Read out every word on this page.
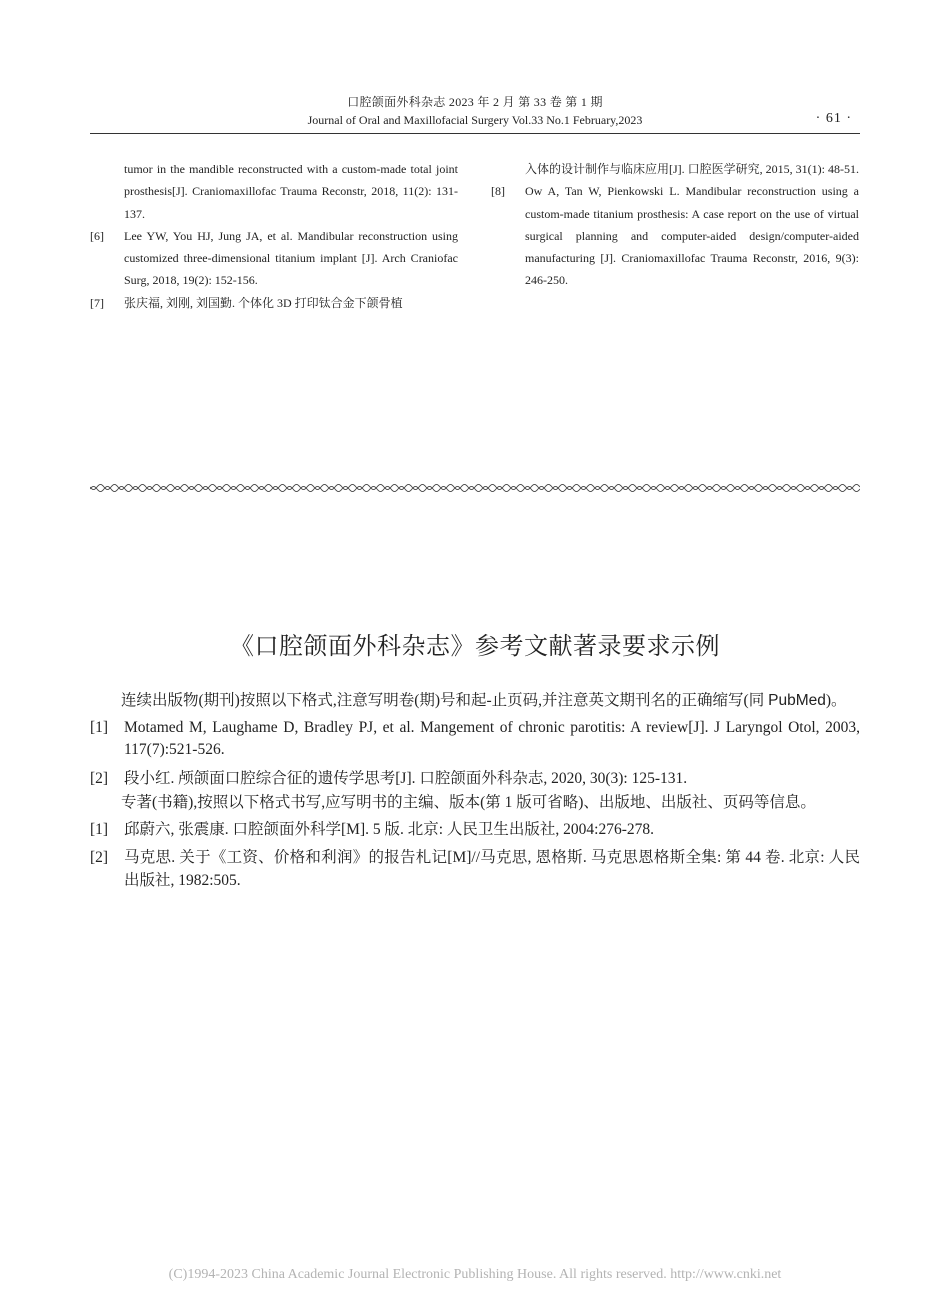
口腔颌面外科杂志 2023 年 2 月 第 33 卷 第 1 期
Journal of Oral and Maxillofacial Surgery Vol.33 No.1 February,2023	· 61 ·
tumor in the mandible reconstructed with a custom-made total joint prosthesis[J]. Craniomaxillofac Trauma Reconstr, 2018, 11(2): 131-137.
[6] Lee YW, You HJ, Jung JA, et al. Mandibular reconstruction using customized three-dimensional titanium implant [J]. Arch Craniofac Surg, 2018, 19(2): 152-156.
[7] 张庆福, 刘刚, 刘国勤. 个体化 3D 打印钛合金下颌骨植
入体的设计制作与临床应用[J]. 口腔医学研究, 2015, 31(1): 48-51.
[8] Ow A, Tan W, Pienkowski L. Mandibular reconstruction using a custom-made titanium prosthesis: A case report on the use of virtual surgical planning and computer-aided design/computer-aided manufacturing [J]. Craniomaxillofac Trauma Reconstr, 2016, 9(3): 246-250.
《口腔颌面外科杂志》参考文献著录要求示例
连续出版物(期刊)按照以下格式,注意写明卷(期)号和起-止页码,并注意英文期刊名的正确缩写(同 PubMed)。
[1] Motamed M, Laughame D, Bradley PJ, et al. Mangement of chronic parotitis: A review[J]. J Laryngol Otol, 2003, 117(7):521-526.
[2] 段小红. 颅颌面口腔综合征的遗传学思考[J]. 口腔颌面外科杂志, 2020, 30(3): 125-131.
专著(书籍),按照以下格式书写,应写明书的主编、版本(第 1 版可省略)、出版地、出版社、页码等信息。
[1] 邱蔚六, 张震康. 口腔颌面外科学[M]. 5 版. 北京: 人民卫生出版社, 2004:276-278.
[2] 马克思. 关于《工资、价格和利润》的报告札记[M]//马克思, 恩格斯. 马克思恩格斯全集: 第 44 卷. 北京: 人民出版社, 1982:505.
(C)1994-2023 China Academic Journal Electronic Publishing House. All rights reserved. http://www.cnki.net
